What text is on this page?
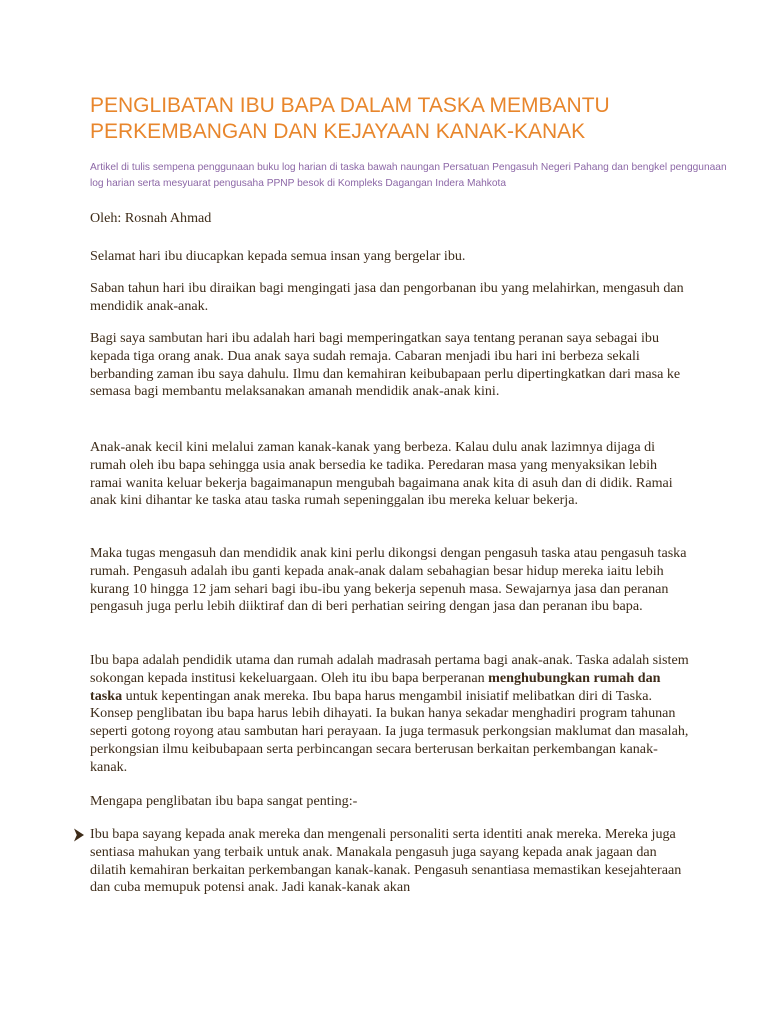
PENGLIBATAN IBU BAPA DALAM TASKA MEMBANTU PERKEMBANGAN DAN KEJAYAAN KANAK-KANAK
Artikel di tulis sempena penggunaan buku log harian di taska bawah naungan Persatuan Pengasuh Negeri Pahang dan bengkel penggunaan log harian serta mesyuarat pengusaha PPNP besok di Kompleks Dagangan Indera Mahkota
Oleh: Rosnah Ahmad
Selamat hari ibu diucapkan kepada semua insan yang bergelar ibu.
Saban tahun hari ibu diraikan bagi mengingati jasa dan pengorbanan ibu yang melahirkan, mengasuh dan mendidik anak-anak.
Bagi saya sambutan hari ibu adalah hari bagi memperingatkan saya tentang peranan saya sebagai ibu kepada tiga orang anak. Dua anak saya sudah remaja. Cabaran menjadi ibu hari ini berbeza sekali berbanding zaman ibu saya dahulu. Ilmu dan kemahiran keibubapaan perlu dipertingkatkan dari masa ke semasa bagi membantu melaksanakan amanah mendidik anak-anak kini.
Anak-anak kecil kini melalui zaman kanak-kanak yang berbeza. Kalau dulu anak lazimnya dijaga di rumah oleh ibu bapa sehingga usia anak bersedia ke tadika. Peredaran masa yang menyaksikan lebih ramai wanita keluar bekerja bagaimanapun mengubah bagaimana anak kita di asuh dan di didik. Ramai anak kini dihantar ke taska atau taska rumah sepeninggalan ibu mereka keluar bekerja.
Maka tugas mengasuh dan mendidik anak kini perlu dikongsi dengan pengasuh taska atau pengasuh taska rumah. Pengasuh adalah ibu ganti kepada anak-anak dalam sebahagian besar hidup mereka iaitu lebih kurang 10 hingga 12 jam sehari bagi ibu-ibu yang bekerja sepenuh masa. Sewajarnya jasa dan peranan pengasuh juga perlu lebih diiktiraf dan di beri perhatian seiring dengan jasa dan peranan ibu bapa.
Ibu bapa adalah pendidik utama dan rumah adalah madrasah pertama bagi anak-anak. Taska adalah sistem sokongan kepada institusi kekeluargaan. Oleh itu ibu bapa berperanan menghubungkan rumah dan taska untuk kepentingan anak mereka. Ibu bapa harus mengambil inisiatif melibatkan diri di Taska. Konsep penglibatan ibu bapa harus lebih dihayati. Ia bukan hanya sekadar menghadiri program tahunan seperti gotong royong atau sambutan hari perayaan. Ia juga termasuk perkongsian maklumat dan masalah, perkongsian ilmu keibubapaan serta perbincangan secara berterusan berkaitan perkembangan kanak-kanak.
Mengapa penglibatan ibu bapa sangat penting:-
Ibu bapa sayang kepada anak mereka dan mengenali personaliti serta identiti anak mereka. Mereka juga sentiasa mahukan yang terbaik untuk anak. Manakala pengasuh juga sayang kepada anak jagaan dan dilatih kemahiran berkaitan perkembangan kanak-kanak. Pengasuh senantiasa memastikan kesejahteraan dan cuba memupuk potensi anak. Jadi kanak-kanak akan
